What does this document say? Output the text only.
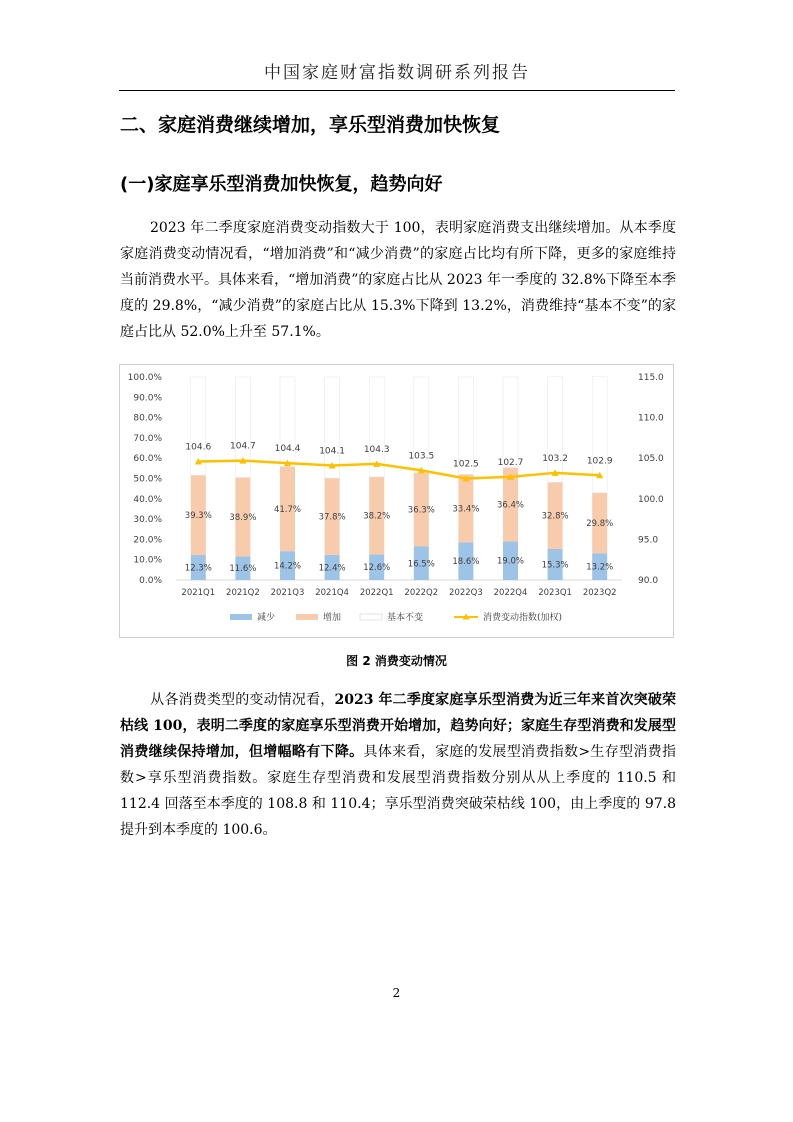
中国家庭财富指数调研系列报告
二、家庭消费继续增加，享乐型消费加快恢复
(一)家庭享乐型消费加快恢复，趋势向好
2023 年二季度家庭消费变动指数大于 100，表明家庭消费支出继续增加。从本季度家庭消费变动情况看，“增加消费”和“减少消费”的家庭占比均有所下降，更多的家庭维持当前消费水平。具体来看，“增加消费”的家庭占比从 2023 年一季度的 32.8%下降至本季度的 29.8%，“减少消费”的家庭占比从 15.3%下降到 13.2%，消费维持“基本不变”的家庭占比从 52.0%上升至 57.1%。
0.0%
10.0%
20.0%
30.0%
40.0%
50.0%
60.0%
70.0%
80.0%
90.0%
100.0%
90.0
95.0
100.0
105.0
110.0
115.0
12.3%
39.3%
2021Q1
11.6%
38.9%
2021Q2
14.2%
41.7%
2021Q3
12.4%
37.8%
2021Q4
12.6%
38.2%
2022Q1
16.5%
36.3%
2022Q2
18.6%
33.4%
2022Q3
19.0%
36.4%
2022Q4
15.3%
32.8%
2023Q1
13.2%
29.8%
2023Q2
104.6 104.7 104.4 104.1 104.3
103.5
102.5 102.7 103.2 102.9
减少	增加	基本不变	消费变动指数(加权)
图 2 消费变动情况
从各消费类型的变动情况看，2023 年二季度家庭享乐型消费为近三年来首次突破荣枯线 100，表明二季度的家庭享乐型消费开始增加，趋势向好；家庭生存型消费和发展型消费继续保持增加，但增幅略有下降。具体来看，家庭的发展型消费指数>生存型消费指数>享乐型消费指数。家庭生存型消费和发展型消费指数分别从从上季度的 110.5 和 112.4 回落至本季度的 108.8 和 110.4；享乐型消费突破荣枯线 100，由上季度的 97.8 提升到本季度的 100.6。
2
